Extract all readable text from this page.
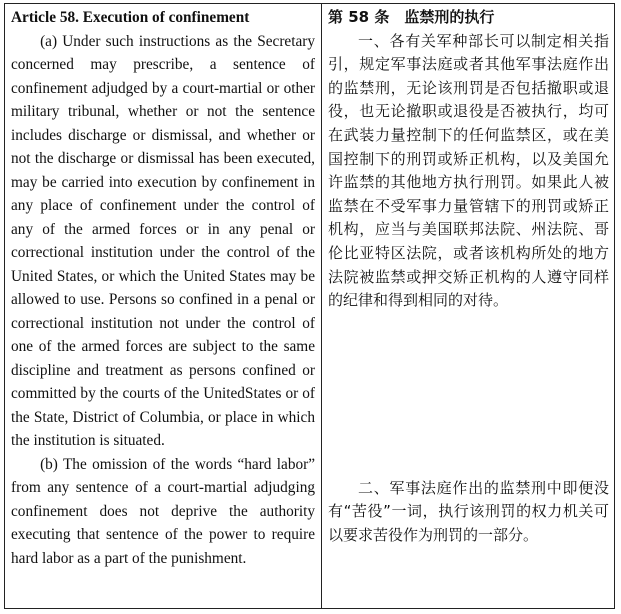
Article 58. Execution of confinement

(a) Under such instructions as the Secretary concerned may prescribe, a sentence of confinement adjudged by a court-martial or other military tribunal, whether or not the sentence includes discharge or dismissal, and whether or not the discharge or dismissal has been executed, may be carried into execution by confinement in any place of confinement under the control of any of the armed forces or in any penal or correctional institution under the control of the United States, or which the United States may be allowed to use. Persons so confined in a penal or correctional institution not under the control of one of the armed forces are subject to the same discipline and treatment as persons confined or committed by the courts of the UnitedStates or of the State, District of Columbia, or place in which the institution is situated.

(b) The omission of the words “hard labor” from any sentence of a court-martial adjudging confinement does not deprive the authority executing that sentence of the power to require hard labor as a part of the punishment.

第 58 条　监禁刑的执行

一、各有关军种部长可以制定相关指引，规定军事法庭或者其他军事法庭作出的监禁刑，无论该刑罚是否包括撤职或退役，也无论撤职或退役是否被执行，均可在武装力量控制下的任何监禁区，或在美国控制下的刑罚或矫正机构，以及美国允许监禁的其他地方执行刑罚。如果此人被监禁在不受军事力量管辖下的刑罚或矫正机构，应当与美国联邦法院、州法院、哥伦比亚特区法院，或者该机构所处的地方法院被监禁或押交矫正机构的人遵守同样的纪律和得到相同的对待。

二、军事法庭作出的监禁刑中即便没有“苦役”一词，执行该刑罚的权力机关可以要求苦役作为刑罚的一部分。
